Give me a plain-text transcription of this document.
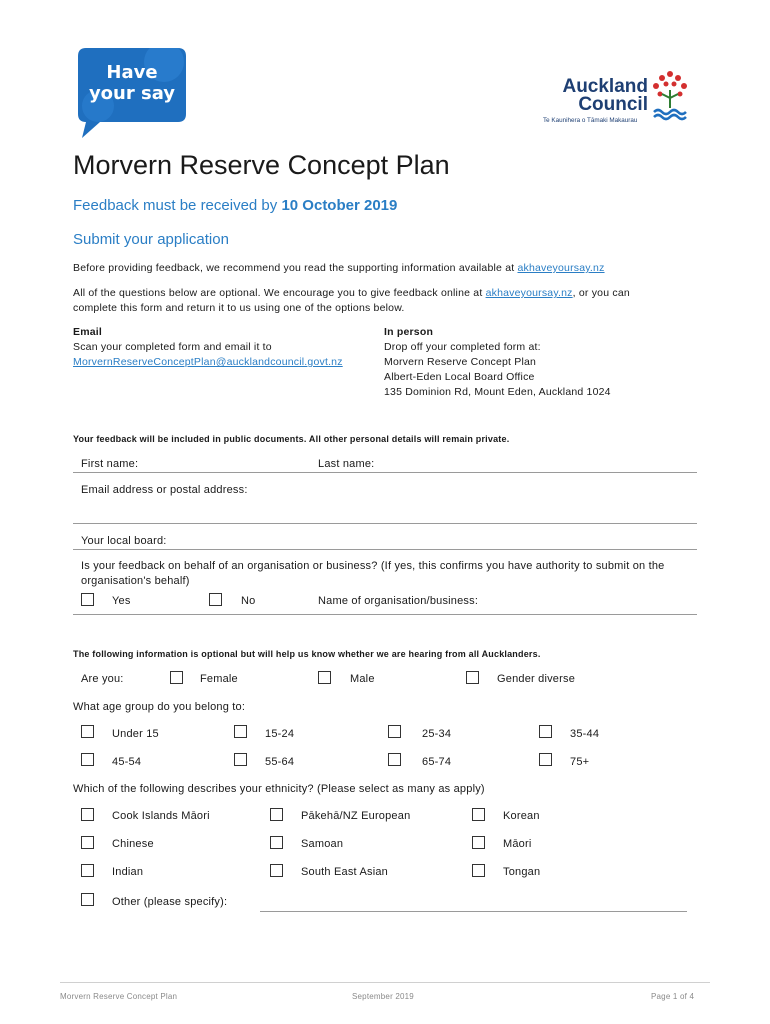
Have
your say	Auckland
Council
Te Kaunihera o Tāmaki Makaurau
Morvern Reserve Concept Plan
Feedback must be received by 10 October 2019
Submit your application
Before providing feedback, we recommend you read the supporting information available at akhaveyoursay.nz
All of the questions below are optional. We encourage you to give feedback online at akhaveyoursay.nz, or you can
complete this form and return it to us using one of the options below.
Email
Scan your completed form and email it to
MorvernReserveConceptPlan@aucklandcouncil.govt.nz
In person
Drop off your completed form at:
Morvern Reserve Concept Plan
Albert-Eden Local Board Office
135 Dominion Rd, Mount Eden, Auckland 1024
Your feedback will be included in public documents. All other personal details will remain private.
First name:	Last name:
Email address or postal address:
Your local board:
Is your feedback on behalf of an organisation or business? (If yes, this confirms you have authority to submit on the
organisation's behalf)
Yes	No	Name of organisation/business:
The following information is optional but will help us know whether we are hearing from all Aucklanders.
Are you:	Female	Male	Gender diverse
What age group do you belong to:
Under 15	15-24	25-34	35-44
45-54	55-64	65-74	75+
Which of the following describes your ethnicity? (Please select as many as apply)
Cook Islands Māori	Pākehā/NZ European	Korean
Chinese	Samoan	Māori
Indian	South East Asian	Tongan
Other (please specify):
Morvern Reserve Concept Plan	September 2019	Page 1 of 4
